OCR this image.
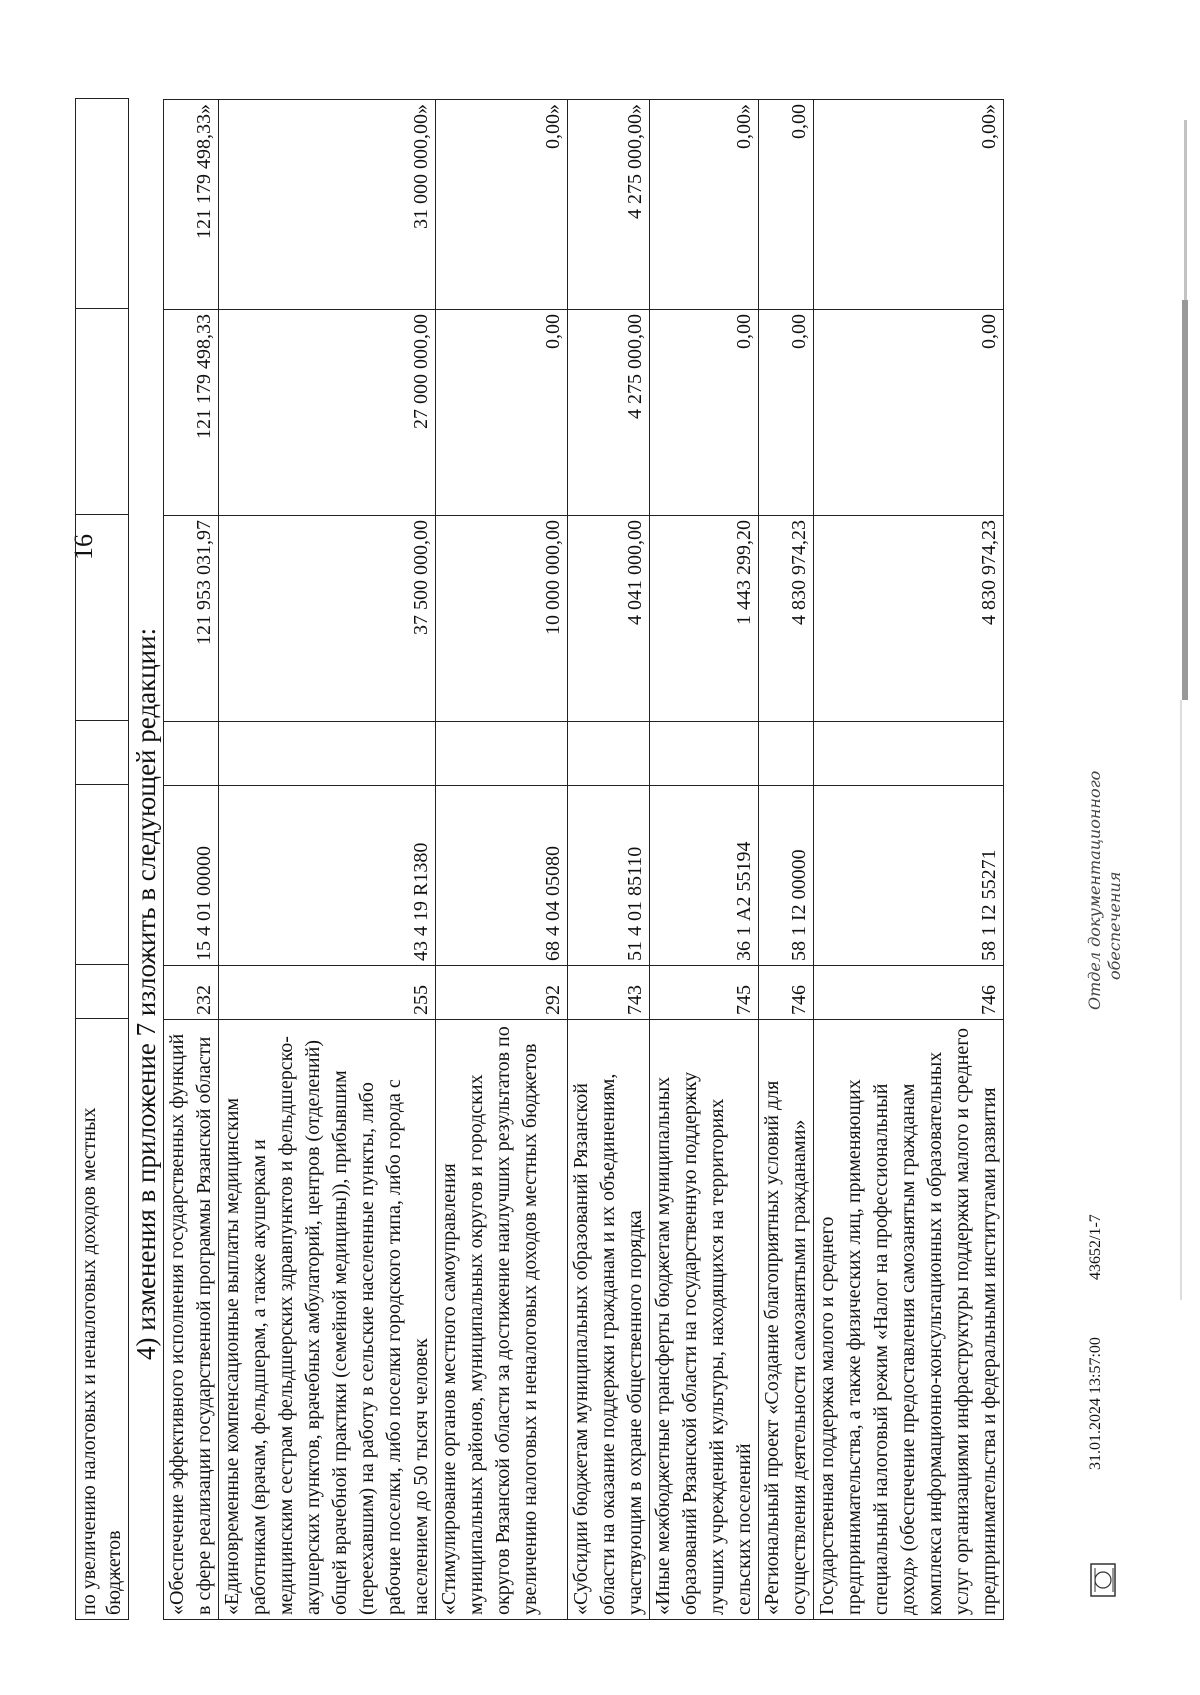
16
по увеличению налоговых и неналоговых доходов местных бюджетов
4) изменения в приложение 7 изложить в следующей редакции: «Обеспечение эффективного исполнения государственных функций в сфере реализации государственной программы Рязанской области	232	15 4 01 00000		121 953 031,97	121 179 498,33	121 179 498,33»
«Единовременные компенсационные выплаты медицинским работникам (врачам, фельдшерам, а также акушеркам и медицинским сестрам фельдшерских здравпунктов и фельдшерско-акушерских пунктов, врачебных амбулаторий, центров (отделений) общей врачебной практики (семейной медицины)), прибывшим (переехавшим) на работу в сельские населенные пункты, либо рабочие поселки, либо поселки городского типа, либо города с населением до 50 тысяч человек	255	43 4 19 R1380		37 500 000,00	27 000 000,00	31 000 000,00»
«Стимулирование органов местного самоуправления муниципальных районов, муниципальных округов и городских округов Рязанской области за достижение наилучших результатов по увеличению налоговых и неналоговых доходов местных бюджетов	292	68 4 04 05080		10 000 000,00	0,00	0,00»
«Субсидии бюджетам муниципальных образований Рязанской области на оказание поддержки гражданам и их объединениям, участвующим в охране общественного порядка	743	51 4 01 85110		4 041 000,00	4 275 000,00	4 275 000,00»
«Иные межбюджетные трансферты бюджетам муниципальных образований Рязанской области на государственную поддержку лучших учреждений культуры, находящихся на территориях сельских поселений	745	36 1 А2 55194		1 443 299,20	0,00	0,00»
«Региональный проект «Создание благоприятных условий для осуществления деятельности самозанятыми гражданами»	746	58 1 I2 00000		4 830 974,23	0,00	0,00
Государственная поддержка малого и среднего предпринимательства, а также физических лиц, применяющих специальный налоговый режим «Налог на профессиональный доход» (обеспечение предоставления самозанятым гражданам комплекса информационно-консультационных и образовательных услуг организациями инфраструктуры поддержки малого и среднего предпринимательства и федеральными институтами развития	746	58 1 I2 55271		4 830 974,23	0,00	0,00»
31.01.2024 13:57:00
43652/1-7
Отдел документационного обеспечения
